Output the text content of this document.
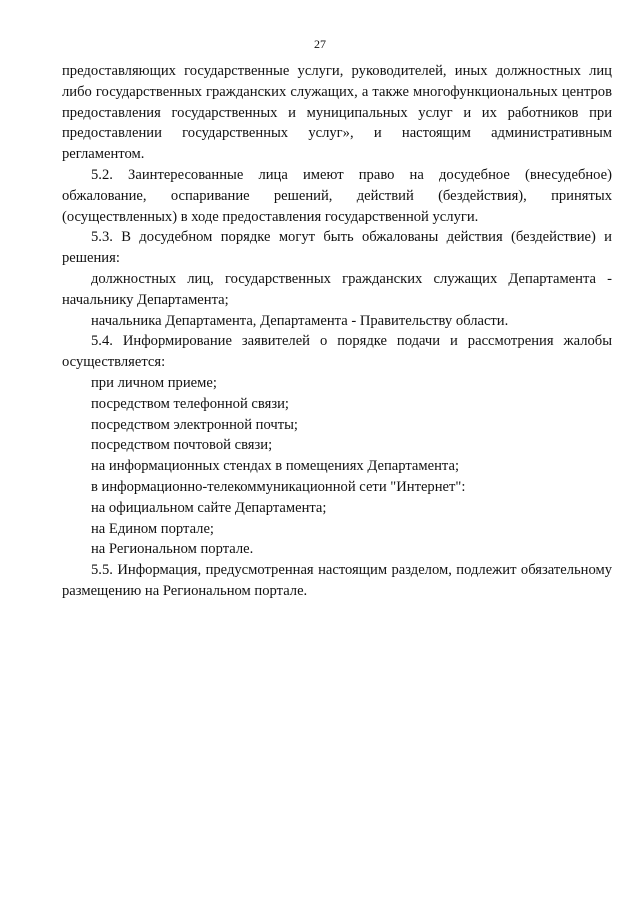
27

предоставляющих государственные услуги, руководителей, иных должностных лиц либо государственных гражданских служащих, а также многофункциональных центров предоставления государственных и муниципальных услуг и их работников при предоставлении государственных услуг», и настоящим административным регламентом.

5.2. Заинтересованные лица имеют право на досудебное (внесудебное) обжалование, оспаривание решений, действий (бездействия), принятых (осуществленных) в ходе предоставления государственной услуги.

5.3. В досудебном порядке могут быть обжалованы действия (бездействие) и решения:

должностных лиц, государственных гражданских служащих Департамента - начальнику Департамента;

начальника Департамента, Департамента - Правительству области.

5.4. Информирование заявителей о порядке подачи и рассмотрения жалобы осуществляется:

при личном приеме;

посредством телефонной связи;

посредством электронной почты;

посредством почтовой связи;

на информационных стендах в помещениях Департамента;

в информационно-телекоммуникационной сети "Интернет":

на официальном сайте Департамента;

на Едином портале;

на Региональном портале.

5.5. Информация, предусмотренная настоящим разделом, подлежит обязательному размещению на Региональном портале.
